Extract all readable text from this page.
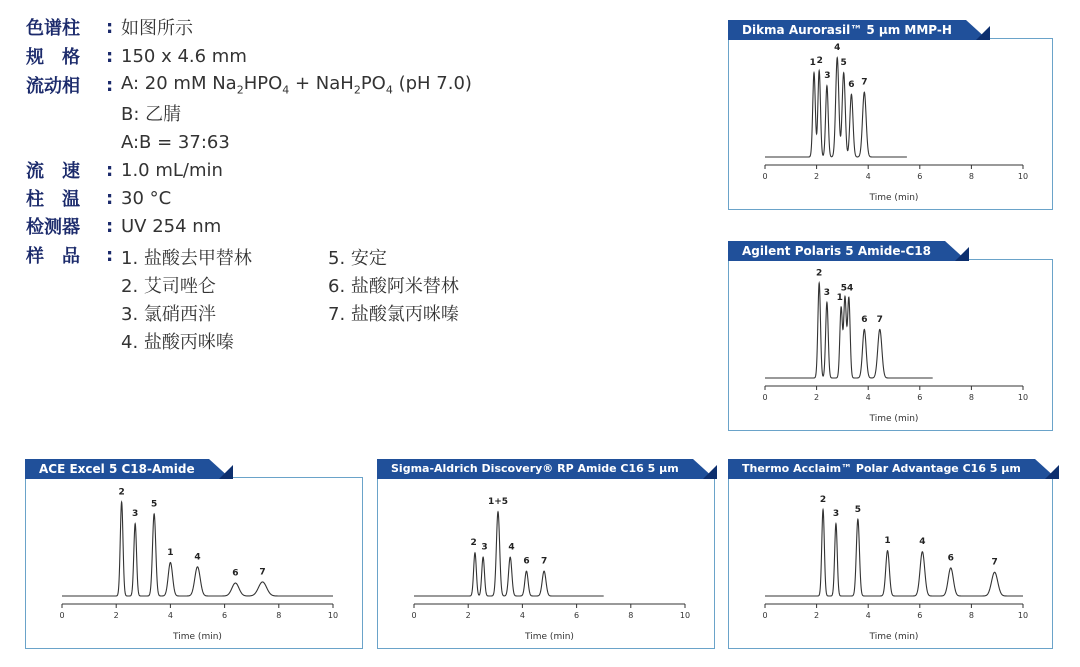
色谱柱	: 如图所示
规　格	: 150 x 4.6 mm
流动相	: A: 20 mM $Na_2HPO_4 + NaH_2PO_4$ (pH 7.0)
B: 乙腈
A:B = 37:63
流　速	: 1.0 mL/min
柱　温	: 30 °C
检测器	: UV 254 nm
样　品	: 1. 盐酸去甲替林
2. 艾司唑仑
3. 氯硝西泮
4. 盐酸丙咪嗪
5. 安定
6. 盐酸阿米替林
7. 盐酸氯丙咪嗪
Dikma Aurorasil™ 5 μm MMP-H
0	2	4	6	8	10
Time (min)
1 2
3
4
5
6 7
Agilent Polaris 5 Amide-C18
0	2	4	6	8	10
Time (min)
2
3
1
54
6 7
ACE Excel 5 C18-Amide
0	2	4	6	8	10
Time (min)
2
3
5
1 4
6 7
Sigma-Aldrich Discovery® RP Amide C16 5 μm
0	2	4	6	8	10
Time (min)
2 3
1+5
4
6 7
Thermo Acclaim™ Polar Advantage C16 5 μm
0	2	4	6	8	10
Time (min)
2
3 5
1	4
6	7
